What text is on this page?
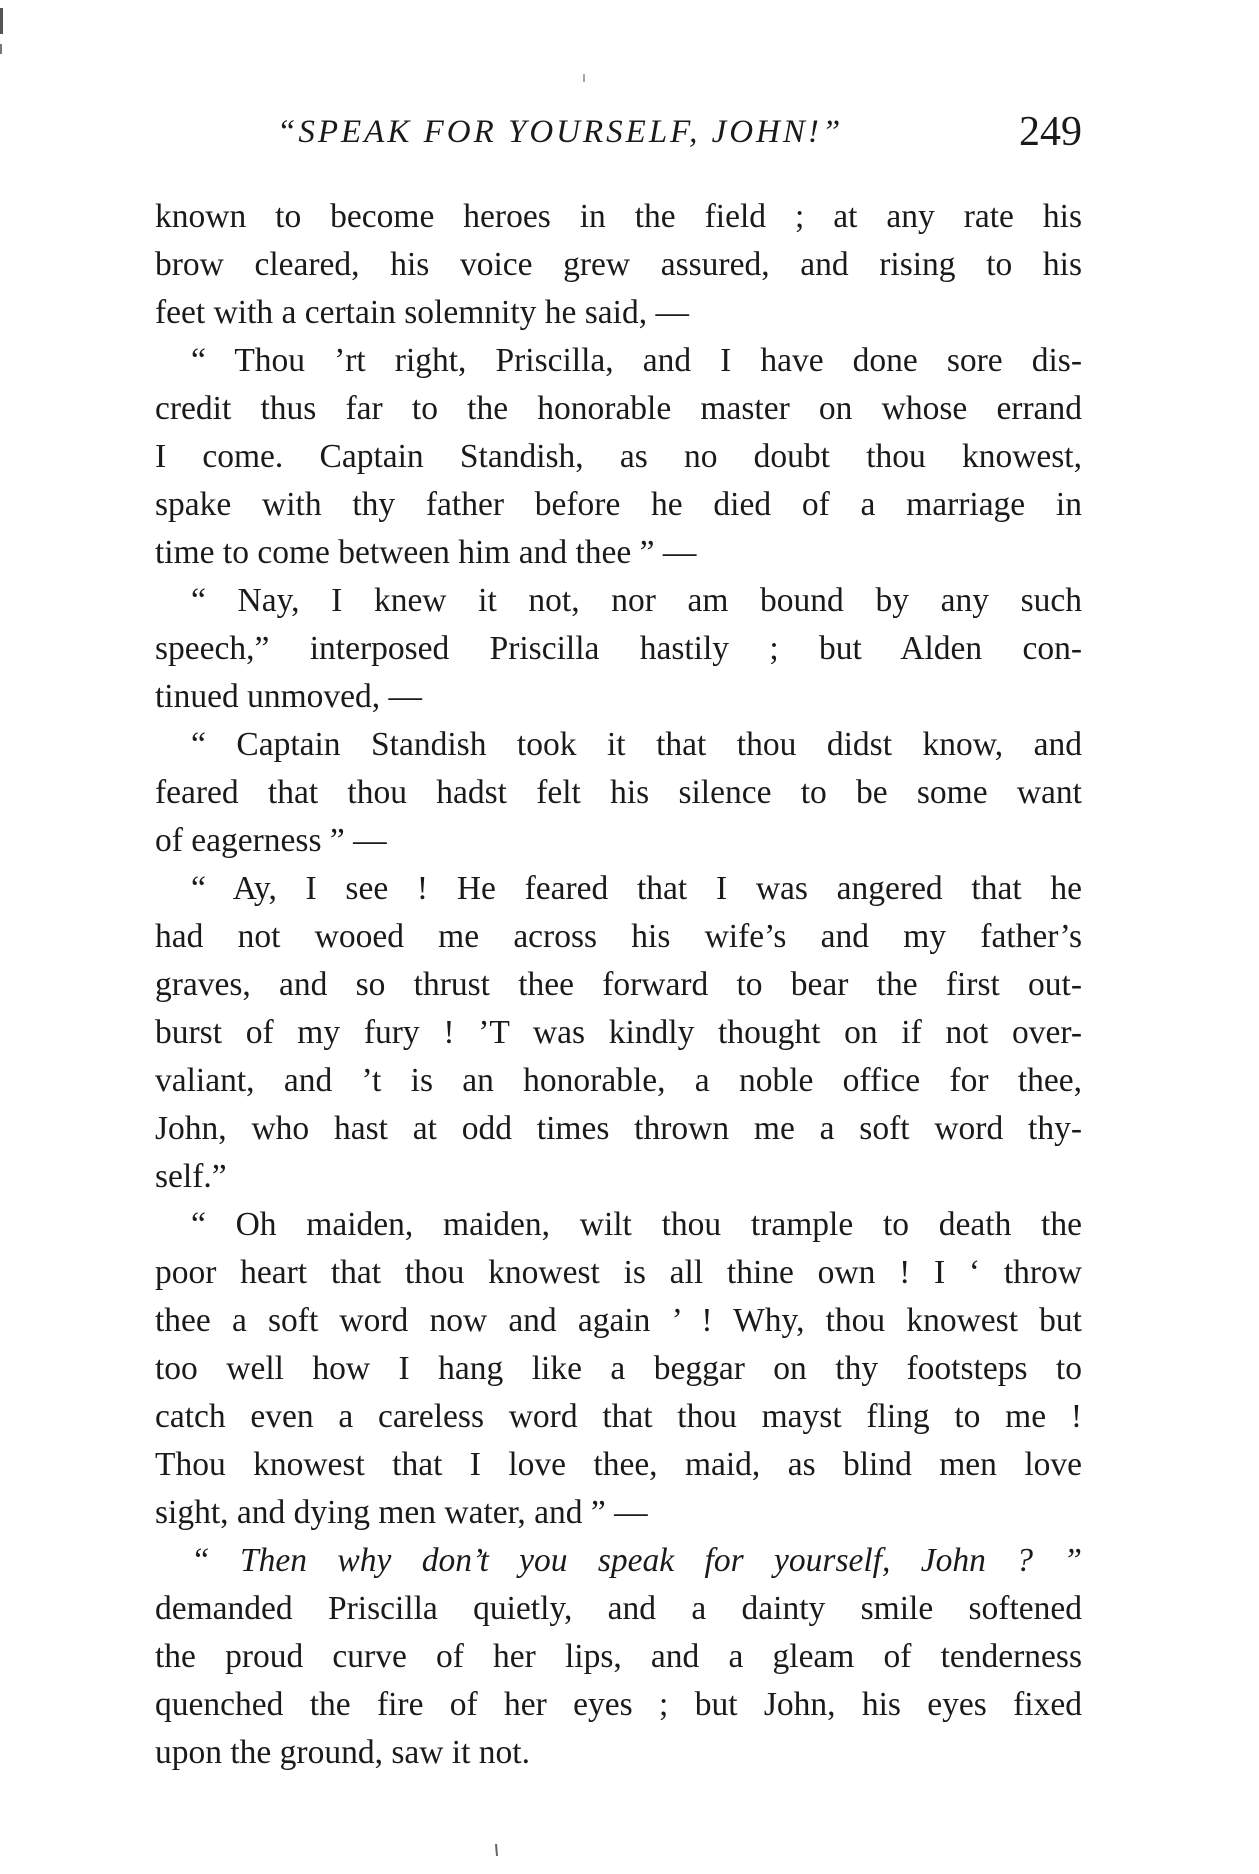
“SPEAK FOR YOURSELF, JOHN!”	249
known to become heroes in the field ; at any rate his
brow cleared, his voice grew assured, and rising to his
feet with a certain solemnity he said, —
“ Thou ’rt right, Priscilla, and I have done sore dis-
credit thus far to the honorable master on whose errand
I come. Captain Standish, as no doubt thou knowest,
spake with thy father before he died of a marriage in
time to come between him and thee ” —
“ Nay, I knew it not, nor am bound by any such
speech,” interposed Priscilla hastily ; but Alden con-
tinued unmoved, —
“ Captain Standish took it that thou didst know, and
feared that thou hadst felt his silence to be some want
of eagerness ” —
“ Ay, I see ! He feared that I was angered that he
had not wooed me across his wife’s and my father’s
graves, and so thrust thee forward to bear the first out-
burst of my fury ! ’T was kindly thought on if not over-
valiant, and ’t is an honorable, a noble office for thee,
John, who hast at odd times thrown me a soft word thy-
self.”
“ Oh maiden, maiden, wilt thou trample to death the
poor heart that thou knowest is all thine own ! I ‘ throw
thee a soft word now and again ’ ! Why, thou knowest but
too well how I hang like a beggar on thy footsteps to
catch even a careless word that thou mayst fling to me !
Thou knowest that I love thee, maid, as blind men love
sight, and dying men water, and ” —
“ Then why don’t you speak for yourself, John ? ”
demanded Priscilla quietly, and a dainty smile softened
the proud curve of her lips, and a gleam of tenderness
quenched the fire of her eyes ; but John, his eyes fixed
upon the ground, saw it not.
